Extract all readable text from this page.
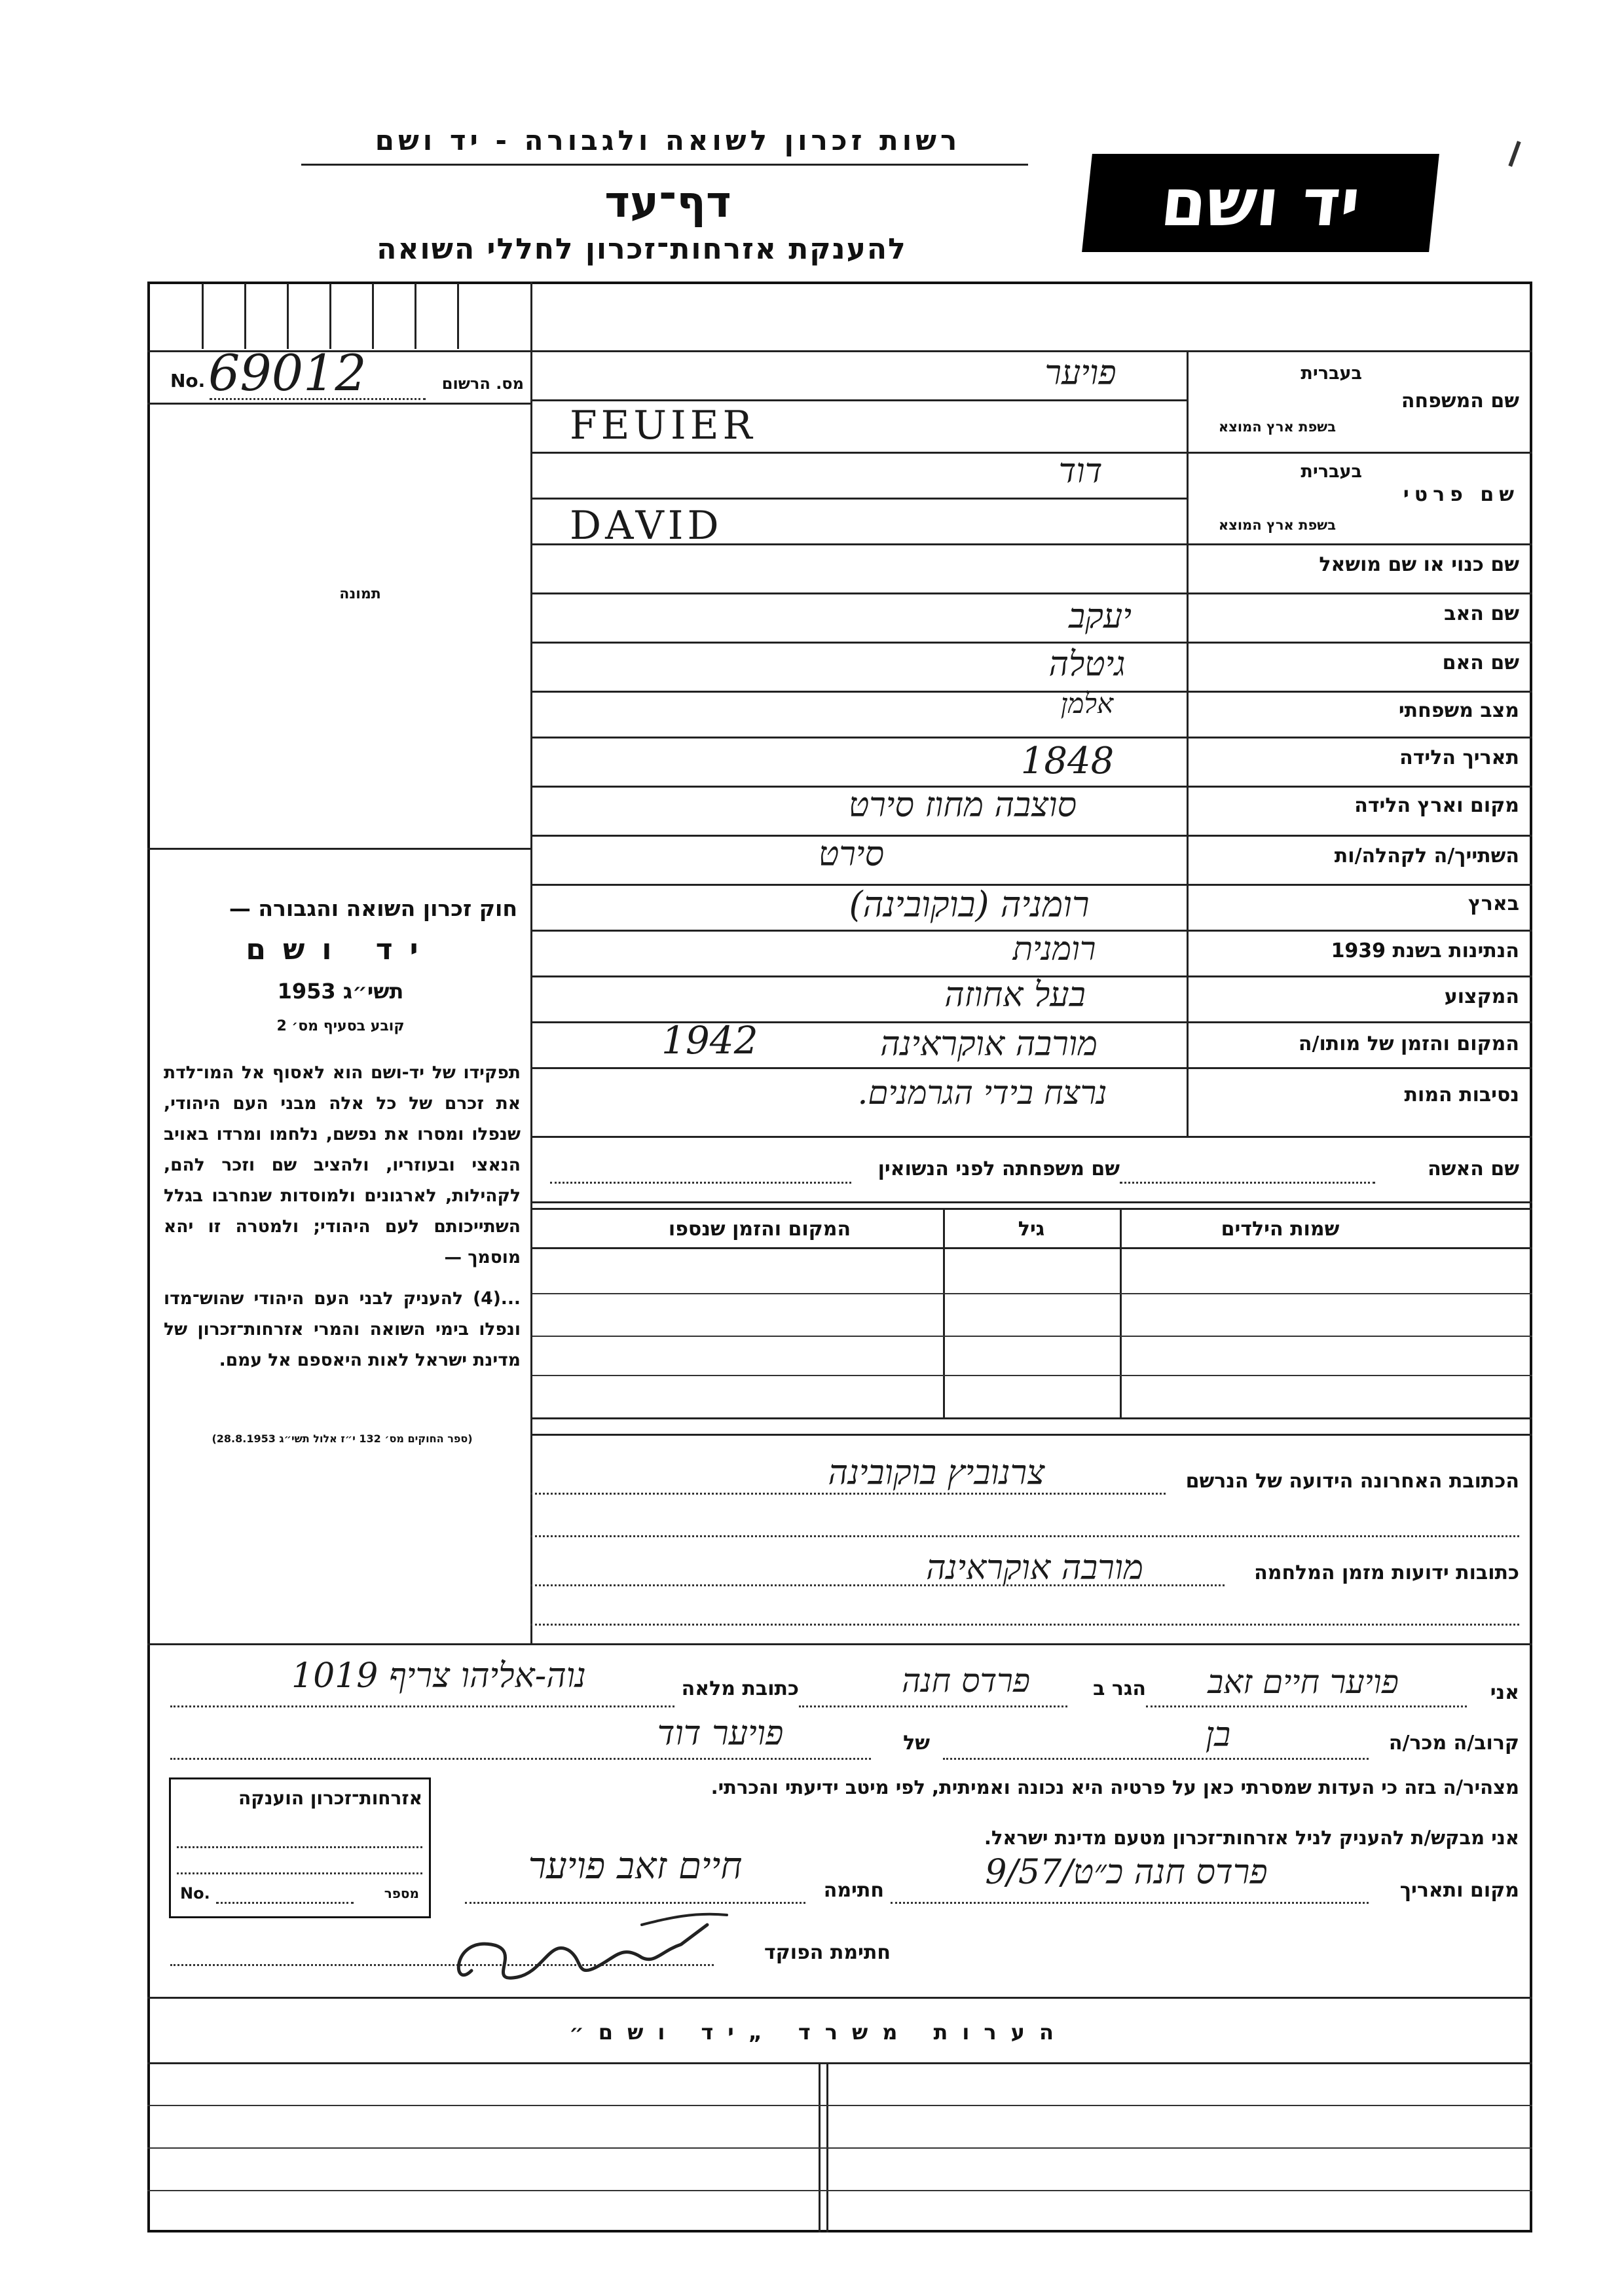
רשות זכרון לשואה ולגבורה - יד ושם
דף־עד
להענקת אזרחות־זכרון לחללי השואה
יד ושם
No. 69012	מס. הרשום
תמונה
חוק זכרון השואה והגבורה —
יד ושם
תשי״ג 1953
קובע בסעיף מס׳ 2
תפקידו של יד-ושם הוא לאסוף אל המו־לדת את זכרם של כל אלה מבני העם היהודי, שנפלו ומסרו את נפשם, נלחמו ומרדו באויב הנאצי ובעוזריו, ולהציב שם וזכר להם, לקהילות, לארגונים ולמוסדות שנחרבו בגלל השתייכותם לעם היהודי; ולמטרה זו יהא מוסמך —
...(4) להעניק לבני העם היהודי שהוש־מדו ונפלו בימי השואה והמרי אזרחות־זכרון של מדינת ישראל לאות היאספם אל עמם.
(ספר החוקים מס׳ 132 י״ז אלול תשי״ג 28.8.1953)
שם המשפחה
בעברית
בשפת ארץ המוצא
פויער
FEUIER
שם פרטי
בעברית
בשפת ארץ המוצא
דוד
DAVID
שם כנוי או שם מושאל
שם האב
יעקב
שם האם
גיטלה
מצב משפחתי
אלמן
תאריך הלידה
1848
מקום וארץ הלידה
סוצבה מחוז סירט
השתייך/ה לקהלה/ות
סירט
בארץ
רומניה (בוקובינה)
הנתינות בשנת 1939
רומנית
המקצוע
בעל אחוזה
המקום והזמן של מותו/ה
מורבה אוקראינה
1942
נסיבות המות
נרצח בידי הגרמנים.
שם האשה
שם משפחתה לפני הנשואין
שמות הילדים
גיל
המקום והזמן שנספו
הכתובת האחרונה הידועה של הנרשם
צרנוביץ בוקובינה
כתובות ידועות מזמן המלחמה
מורבה אוקראינה
אני
פויער חיים זאב
הגר ב
פרדס חנה
כתובת מלאה
נוה-אליהו צריף 1019
קרוב/ה מכר/ה
בן
של
פויער דוד
מצהיר/ה בזה כי העדות שמסרתי כאן על פרטיה היא נכונה ואמיתית, לפי מיטב ידיעתי והכרתי.
אני מבקש/ת להעניק לניל אזרחות־זכרון מטעם מדינת ישראל.
מקום ותאריך
פרדס חנה כ״ט/9/57
חתימה
חיים זאב פויער
חתימת הפוקד
אזרחות־זכרון הוענקה
No.	מספר
הערות משרד „יד ושם״
